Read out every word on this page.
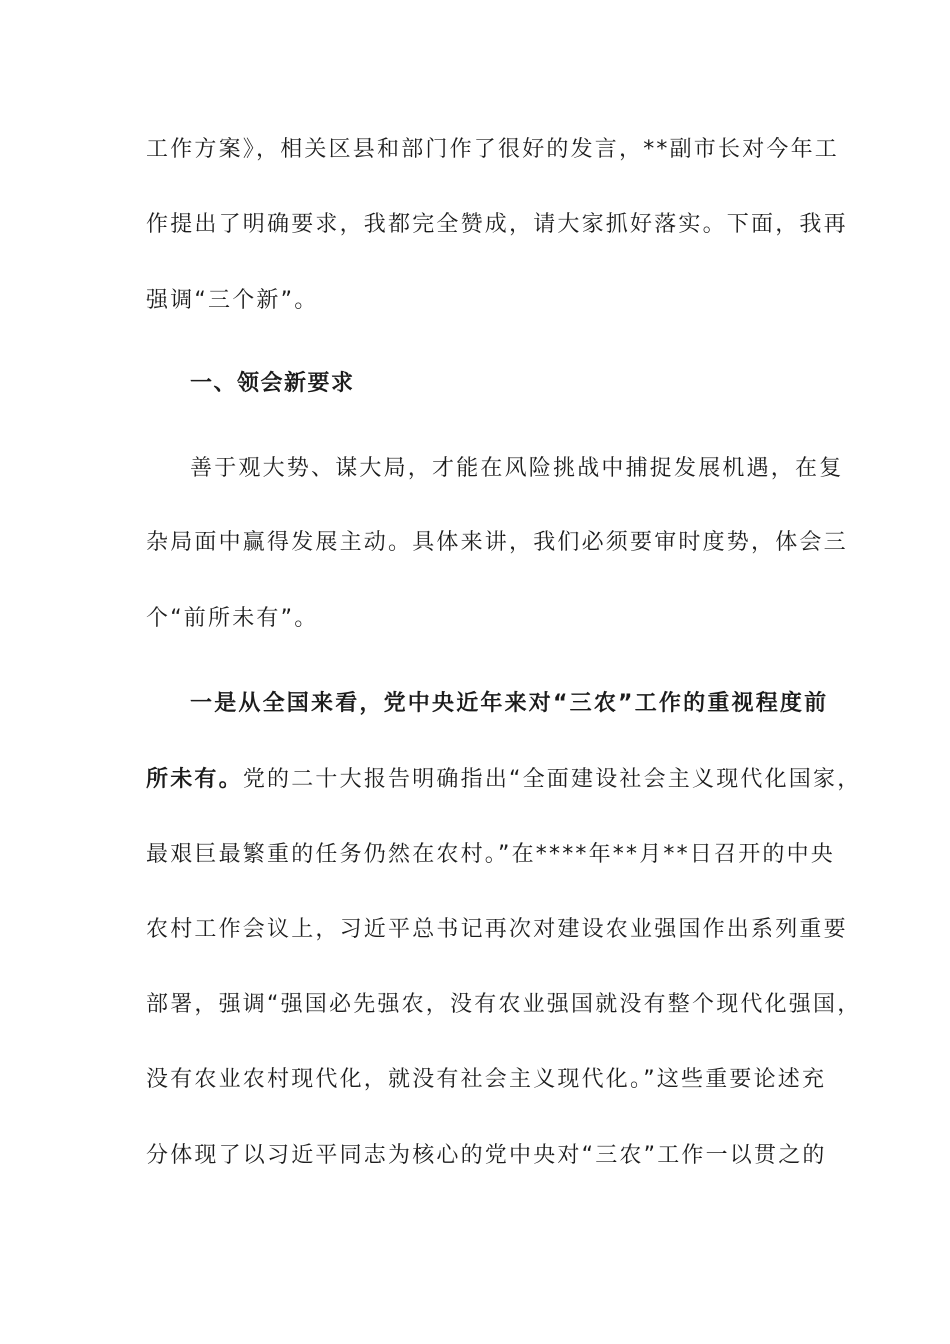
工作方案》，相关区县和部门作了很好的发言，**副市长对今年工
作提出了明确要求，我都完全赞成，请大家抓好落实。下面，我再
强调“三个新”。
一、领会新要求
善于观大势、谋大局，才能在风险挑战中捕捉发展机遇，在复
杂局面中赢得发展主动。具体来讲，我们必须要审时度势，体会三
个“前所未有”。
一是从全国来看，党中央近年来对“三农”工作的重视程度前
所未有。党的二十大报告明确指出“全面建设社会主义现代化国家，
最艰巨最繁重的任务仍然在农村。”在****年**月**日召开的中央
农村工作会议上，习近平总书记再次对建设农业强国作出系列重要
部署，强调“强国必先强农，没有农业强国就没有整个现代化强国，
没有农业农村现代化，就没有社会主义现代化。”这些重要论述充
分体现了以习近平同志为核心的党中央对“三农”工作一以贯之的
